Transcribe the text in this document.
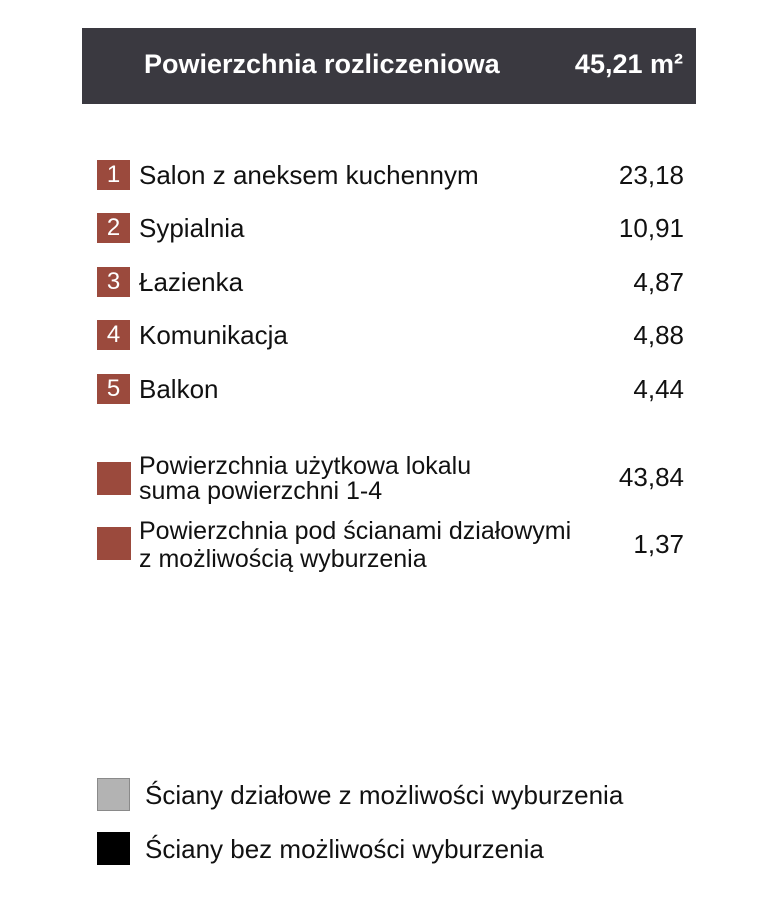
Powierzchnia rozliczeniowa	45,21 m²
1 Salon z aneksem kuchennym	23,18
2 Sypialnia	10,91
3 Łazienka	4,87
4 Komunikacja	4,88
5 Balkon	4,44
Powierzchnia użytkowa lokalu
suma powierzchni 1-4	43,84
Powierzchnia pod ścianami działowymi
z możliwością wyburzenia	1,37
Ściany działowe z możliwości wyburzenia
Ściany bez możliwości wyburzenia
